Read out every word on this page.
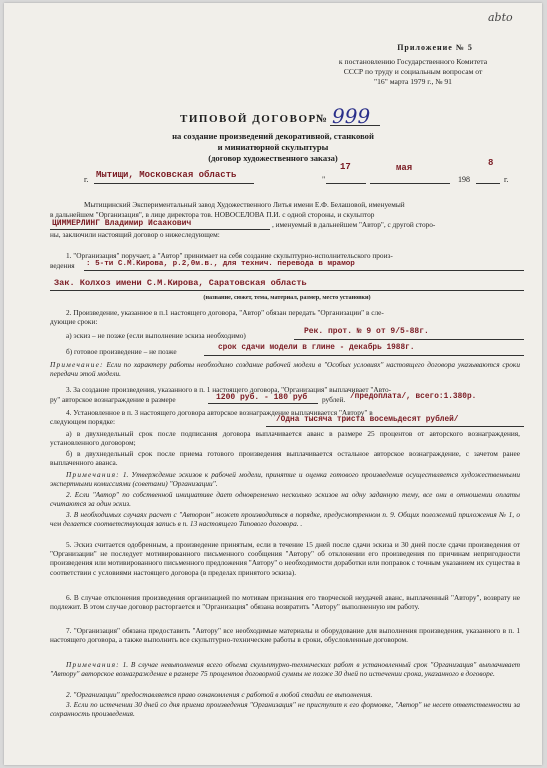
abto
Приложение № 5
к постановлению Государственного Комитета
СССР по труду и социальным вопросам от
"16" марта 1979 г., № 91
ТИПОВОЙ ДОГОВОР № 999
на создание произведений декоративной, станковой
и миниатюрной скульптуры
(договор художественного заказа)
г. Мытищи, Московская область	"
17	мая	8
198	г.
Мытищинский Экспериментальный завод Художественного Литья имени Е.Ф. Белашовой, именуемый
в дальнейшем "Организация", в лице директора тов. НОВОСЕЛОВА П.И. с одной стороны, и скульптор
ЦИММЕРЛИНГ Владимир Исаакович	, именуемый в дальнейшем "Автор", с другой сторо-
ны, заключили настоящий договор о нижеследующем:
1. "Организация" поручает, а "Автор" принимает на себя создание скульптурно-исполнительского произ-
ведения : 5-ти С.М.Кирова, р.2,0м.в., для технич. перевода в мрамор
Зак. Колхоз имени С.М.Кирова, Саратовская область
(название, сюжет, тема, материал, размер, место установки)
2. Произведение, указанное в п.1 настоящего договора, "Автор" обязан передать "Организации" в сле-
дующие сроки:
а) эскиз – не позже (если выполнение эскиза необходимо)	Рек. прот. № 9 от 9/5-88г.
б) готовое произведение – не позже	срок сдачи модели в глине - декабрь 1988г.
Примечание: Если по характеру работы необходимо создание рабочей модели в "Особых условиях" настоящего договора указываются сроки передачи этой модели.
3. За создание произведения, указанного в п. 1 настоящего договора, "Организация" выплачивает "Авто-
ру" авторское вознаграждение в размере	1200 руб. - 180 руб рублей. /предоплата/, всего:1.380р.
4. Установленное в п. 3 настоящего договора авторское вознаграждение выплачивается "Автору" в
следующем порядке:	/Одна тысяча триста восемьдесят рублей/
а) в двухнедельный срок после подписания договора выплачивается аванс в размере 25 процентов от авторского вознаграждения, установленного договором;
б) в двухнедельный срок после приема готового произведения выплачивается остальное авторское вознаграждение, с зачетом ранее выплаченного аванса.
Примечания: 1. Утверждение эскизов к рабочей модели, принятие и оценка готового произведения осуществляется художественными экспертными комиссиями (советами) "Организации".
2. Если "Автор" по собственной инициативе дает одновременно несколько эскизов на одну заданную тему, все они в отношении оплаты считаются за один эскиз.
3. В необходимых случаях расчет с "Автором" может производиться в порядке, предусмотренном п. 9. Общих положений приложения № 1, о чем делается соответствующая запись в п. 13 настоящего Типового договора. .
5. Эскиз считается одобренным, а произведение принятым, если в течение 15 дней после сдачи эскиза и 30 дней после сдачи произведения от "Организации" не последует мотивированного письменного сообщения "Автору" об отклонении его произведения по причинам непригодности произведения или мотивированного письменного предложения "Автору" о необходимости доработки или поправок с точным указанием их существа в соответствии с условиями настоящего договора (в пределах принятого эскиза).
6. В случае отклонения произведения организацией по мотивам признания его творческой неудачей аванс, выплаченный "Автору", возврату не подлежит. В этом случае договор расторгается и "Организация" обязана возвратить "Автору" выполненную им работу.
7. "Организация" обязана предоставить "Автору" все необходимые материалы и оборудование для выполнения произведения, указанного в п. 1 настоящего договора, а также выполнить все скульптурно-технические работы в сроки, обусловленные договором.
Примечания: 1. В случае невыполнения всего объема скульптурно-технических работ в установленный срок "Организация" выплачивает "Автору" авторское вознаграждение в размере 75 процентов договорной суммы не позже 30 дней по истечении срока, указанного в договоре.
2. "Организации" предоставляется право ознакомления с работой в любой стадии ее выполнения.
3. Если по истечении 30 дней со дня приема произведения "Организация" не приступит к его формовке, "Автор" не несет ответственности за сохранность произведения.
